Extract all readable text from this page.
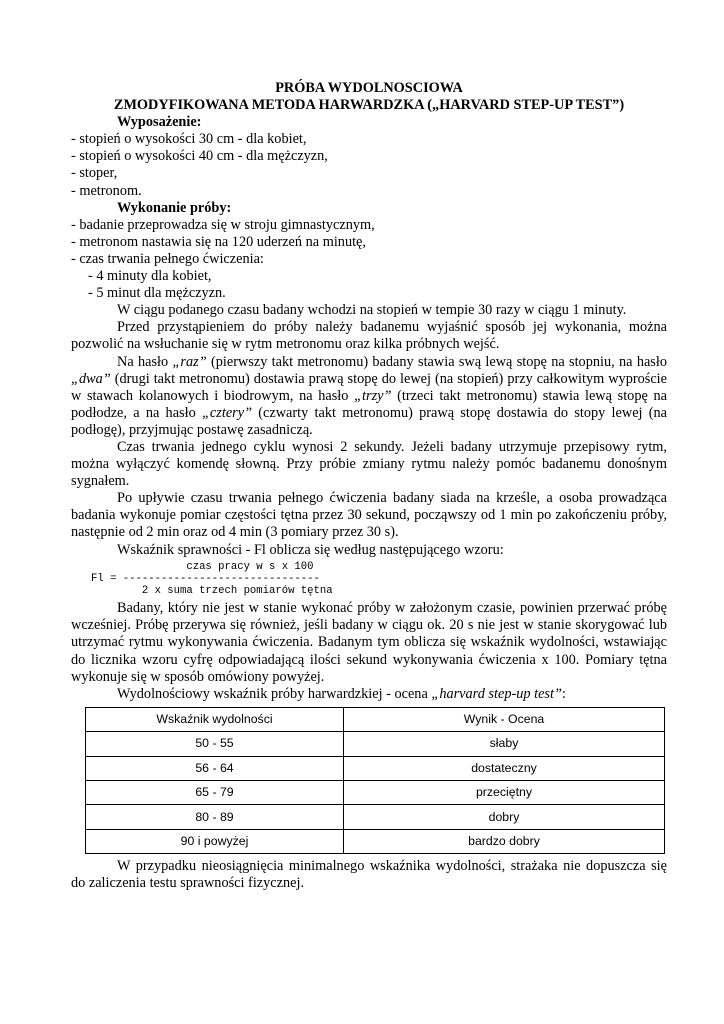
PRÓBA WYDOLNOSCIOWA

ZMODYFIKOWANA METODA HARWARDZKA („HARVARD STEP-UP TEST”)

Wyposażenie:

- stopień o wysokości 30 cm - dla kobiet,

- stopień o wysokości 40 cm - dla mężczyzn,

- stoper,

- metronom.

Wykonanie próby:

- badanie przeprowadza się w stroju gimnastycznym,

- metronom nastawia się na 120 uderzeń na minutę,

- czas trwania pełnego ćwiczenia:

- 4 minuty dla kobiet,

- 5 minut dla mężczyzn.

W ciągu podanego czasu badany wchodzi na stopień w tempie 30 razy w ciągu 1 minuty.

Przed przystąpieniem do próby należy badanemu wyjaśnić sposób jej wykonania, można pozwolić na wsłuchanie się w rytm metronomu oraz kilka próbnych wejść.

Na hasło „raz” (pierwszy takt metronomu) badany stawia swą lewą stopę na stopniu, na hasło „dwa” (drugi takt metronomu) dostawia prawą stopę do lewej (na stopień) przy całkowitym wyproście w stawach kolanowych i biodrowym, na hasło „trzy” (trzeci takt metronomu) stawia lewą stopę na podłodze, a na hasło „cztery” (czwarty takt metronomu) prawą stopę dostawia do stopy lewej (na podłogę), przyjmując postawę zasadniczą.

Czas trwania jednego cyklu wynosi 2 sekundy. Jeżeli badany utrzymuje przepisowy rytm, można wyłączyć komendę słowną. Przy próbie zmiany rytmu należy pomóc badanemu donośnym sygnałem.

Po upływie czasu trwania pełnego ćwiczenia badany siada na krześle, a osoba prowadząca badania wykonuje pomiar częstości tętna przez 30 sekund, począwszy od 1 min po zakończeniu próby, następnie od 2 min oraz od 4 min (3 pomiary przez 30 s).

Wskaźnik sprawności - Fl oblicza się według następującego wzoru:

czas pracy w s x 100
Fl = -------------------------------
2 x suma trzech pomiarów tętna

Badany, który nie jest w stanie wykonać próby w założonym czasie, powinien przerwać próbę wcześniej. Próbę przerywa się również, jeśli badany w ciągu ok. 20 s nie jest w stanie skorygować lub utrzymać rytmu wykonywania ćwiczenia. Badanym tym oblicza się wskaźnik wydolności, wstawiając do licznika wzoru cyfrę odpowiadającą ilości sekund wykonywania ćwiczenia x 100. Pomiary tętna wykonuje się w sposób omówiony powyżej.

Wydolnościowy wskaźnik próby harwardzkiej - ocena „harvard step-up test”:

Wskaźnik wydolności	Wynik - Ocena
50 - 55	słaby
56 - 64	dostateczny
65 - 79	przeciętny
80 - 89	dobry
90 i powyżej	bardzo dobry

W przypadku nieosiągnięcia minimalnego wskaźnika wydolności, strażaka nie dopuszcza się do zaliczenia testu sprawności fizycznej.
